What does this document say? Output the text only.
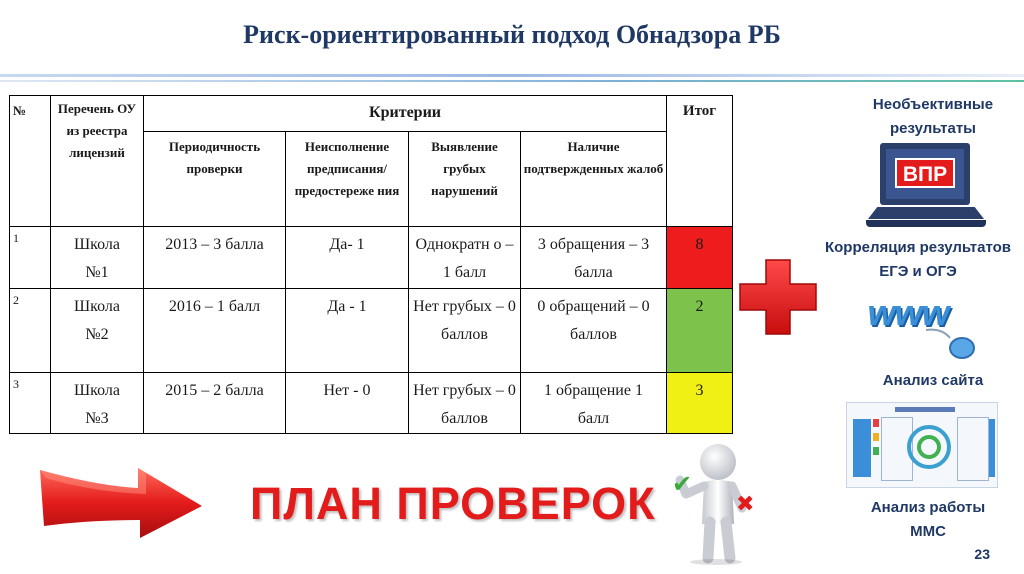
Риск-ориентированный подход Обнадзора РБ
№	Перечень ОУ из реестра лицензий	Критерии				Итог

		Периодичность проверки	Неисполнение предписания/ предостереже ния	Выявление грубых нарушений	Наличие подтвержденных жалоб	

1	Школа №1	2013 – 3 балла	Да- 1	Однократн о – 1 балл	3 обращения – 3 балла	8
2	Школа №2	2016 – 1 балл	Да - 1	Нет грубых – 0 баллов	0 обращений – 0 баллов	2
3	Школа №3	2015 – 2 балла	Нет - 0	Нет грубых – 0 баллов	1 обращение 1 балл	3
Необъективные результаты
ВПР
Корреляция результатов ЕГЭ и ОГЭ
www
Анализ сайта
Анализ работы ММС
ПЛАН ПРОВЕРОК ✔
✖
23
